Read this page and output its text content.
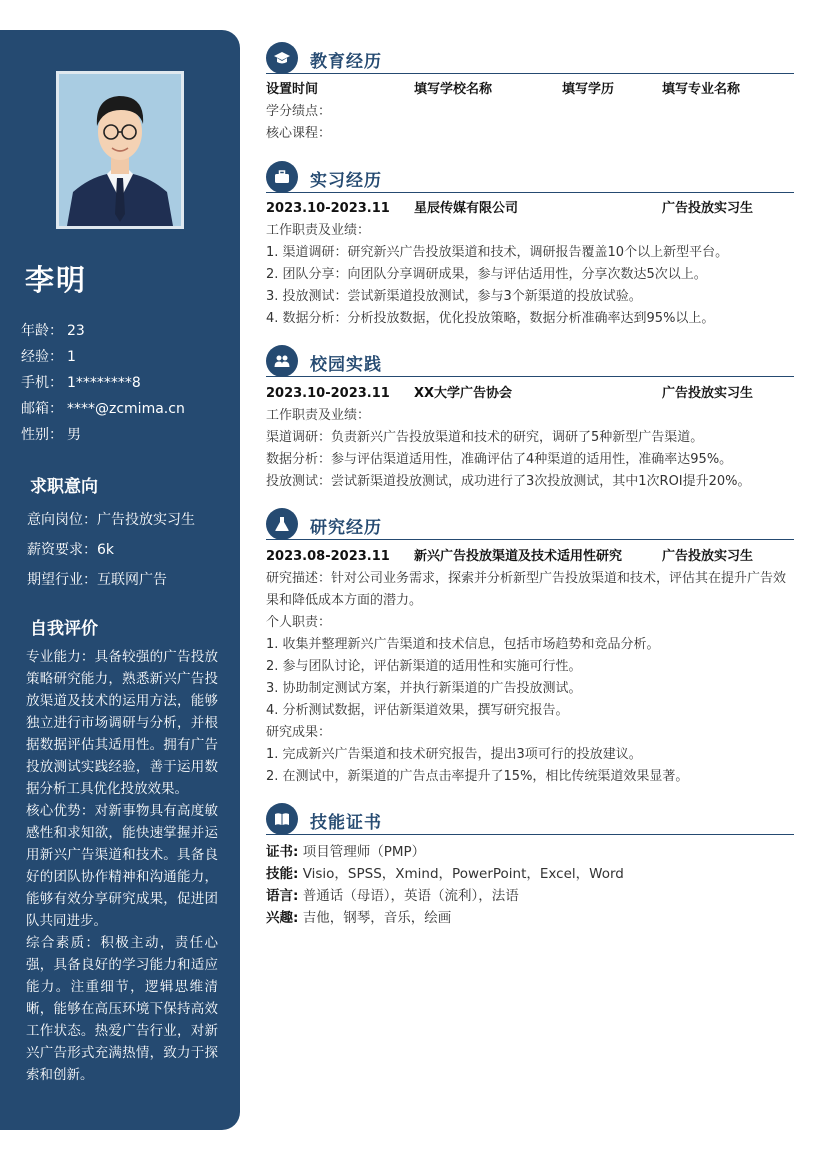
李明
年龄： 23
经验： 1
手机： 1********8
邮箱： ****@zcmima.cn
性别： 男
求职意向
意向岗位：广告投放实习生
薪资要求：6k
期望行业：互联网广告
自我评价

专业能力：具备较强的广告投放策略研究能力，熟悉新兴广告投放渠道及技术的运用方法，能够独立进行市场调研与分析，并根据数据评估其适用性。拥有广告投放测试实践经验，善于运用数据分析工具优化投放效果。

核心优势：对新事物具有高度敏感性和求知欲，能快速掌握并运用新兴广告渠道和技术。具备良好的团队协作精神和沟通能力，能够有效分享研究成果，促进团队共同进步。

综合素质：积极主动，责任心强，具备良好的学习能力和适应能力。注重细节，逻辑思维清晰，能够在高压环境下保持高效工作状态。热爱广告行业，对新兴广告形式充满热情，致力于探索和创新。

教育经历
设置时间	填写学校名称	填写学历	填写专业名称
学分绩点：
核心课程：
实习经历
2023.10-2023.11 星辰传媒有限公司	广告投放实习生
工作职责及业绩：
1. 渠道调研：研究新兴广告投放渠道和技术，调研报告覆盖10个以上新型平台。
2. 团队分享：向团队分享调研成果，参与评估适用性，分享次数达5次以上。
3. 投放测试：尝试新渠道投放测试，参与3个新渠道的投放试验。
4. 数据分析：分析投放数据，优化投放策略，数据分析准确率达到95%以上。
校园实践
2023.10-2023.11 XX大学广告协会	广告投放实习生
工作职责及业绩：
渠道调研：负责新兴广告投放渠道和技术的研究，调研了5种新型广告渠道。
数据分析：参与评估渠道适用性，准确评估了4种渠道的适用性，准确率达95%。
投放测试：尝试新渠道投放测试，成功进行了3次投放测试，其中1次ROI提升20%。
研究经历
2023.08-2023.11 新兴广告投放渠道及技术适用性研究	广告投放实习生
研究描述：针对公司业务需求，探索并分析新型广告投放渠道和技术，评估其在提升广告效果和降低成本方面的潜力。
个人职责：
1. 收集并整理新兴广告渠道和技术信息，包括市场趋势和竞品分析。
2. 参与团队讨论，评估新渠道的适用性和实施可行性。
3. 协助制定测试方案，并执行新渠道的广告投放测试。
4. 分析测试数据，评估新渠道效果，撰写研究报告。
研究成果：
1. 完成新兴广告渠道和技术研究报告，提出3项可行的投放建议。
2. 在测试中，新渠道的广告点击率提升了15%，相比传统渠道效果显著。
技能证书
证书: 项目管理师（PMP）
技能: Visio，SPSS，Xmind，PowerPoint，Excel，Word
语言: 普通话（母语），英语（流利），法语
兴趣: 吉他，钢琴，音乐，绘画
